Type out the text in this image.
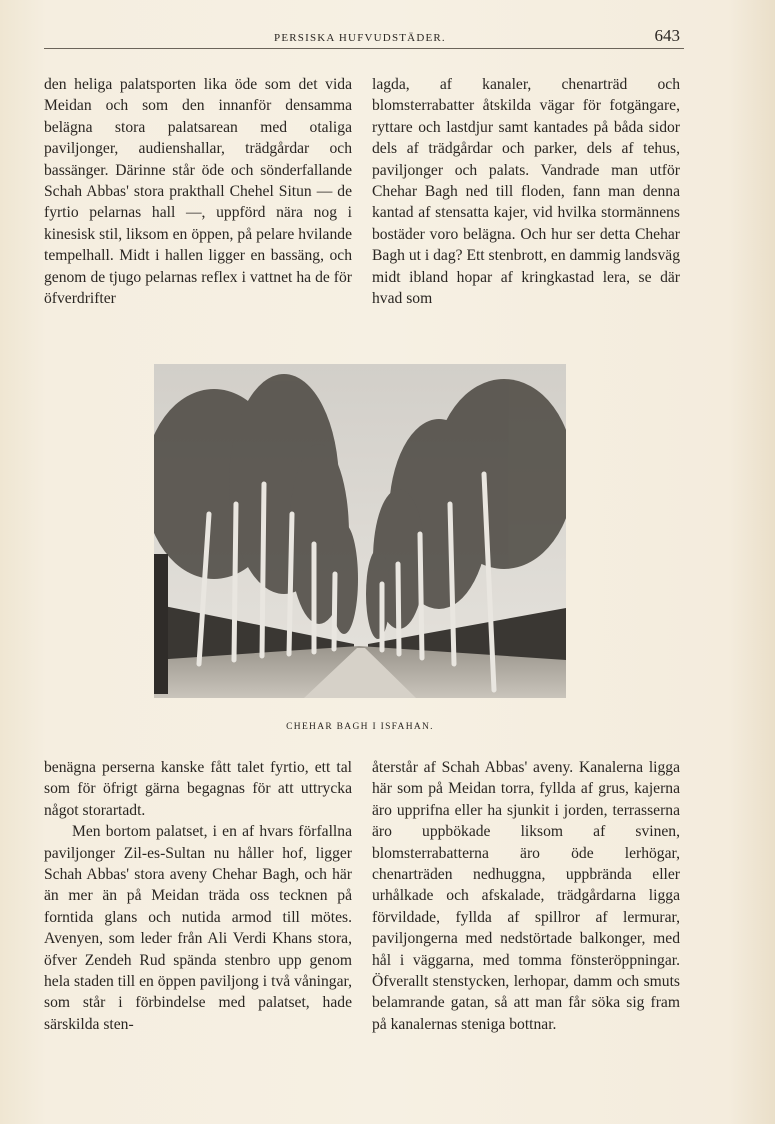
PERSISKA HUFVUDSTÄDER.	643

den heliga palatsporten lika öde som det vida Meidan och som den innanför densamma belägna stora palatsarean med otaliga paviljonger, audienshallar, trädgårdar och bassänger. Därinne står öde och sönderfallande Schah Abbas' stora prakthall Chehel Situn — de fyrtio pelarnas hall —, uppförd nära nog i kinesisk stil, liksom en öppen, på pelare hvilande tempelhall. Midt i hallen ligger en bassäng, och genom de tjugo pelarnas reflex i vattnet ha de för öfverdrifter

lagda, af kanaler, chenarträd och blomsterrabatter åtskilda vägar för fotgängare, ryttare och lastdjur samt kantades på båda sidor dels af trädgårdar och parker, dels af tehus, paviljonger och palats. Vandrade man utför Chehar Bagh ned till floden, fann man denna kantad af stensatta kajer, vid hvilka stormännens bostäder voro belägna. Och hur ser detta Chehar Bagh ut i dag? Ett stenbrott, en dammig landsväg midt ibland hopar af kringkastad lera, se där hvad som

CHEHAR BAGH I ISFAHAN.

benägna perserna kanske fått talet fyrtio, ett tal som för öfrigt gärna begagnas för att uttrycka något storartadt.

Men bortom palatset, i en af hvars förfallna paviljonger Zil-es-Sultan nu håller hof, ligger Schah Abbas' stora aveny Chehar Bagh, och här än mer än på Meidan träda oss tecknen på forntida glans och nutida armod till mötes. Avenyen, som leder från Ali Verdi Khans stora, öfver Zendeh Rud spända stenbro upp genom hela staden till en öppen paviljong i två våningar, som står i förbindelse med palatset, hade särskilda sten-

återstår af Schah Abbas' aveny. Kanalerna ligga här som på Meidan torra, fyllda af grus, kajerna äro upprifna eller ha sjunkit i jorden, terrasserna äro uppbökade liksom af svinen, blomsterrabatterna äro öde lerhögar, chenarträden nedhuggna, uppbrända eller urhålkade och afskalade, trädgårdarna ligga förvildade, fyllda af spillror af lermurar, paviljongerna med nedstörtade balkonger, med hål i väggarna, med tomma fönsteröppningar. Öfverallt stenstycken, lerhopar, damm och smuts belamrande gatan, så att man får söka sig fram på kanalernas steniga bottnar.
